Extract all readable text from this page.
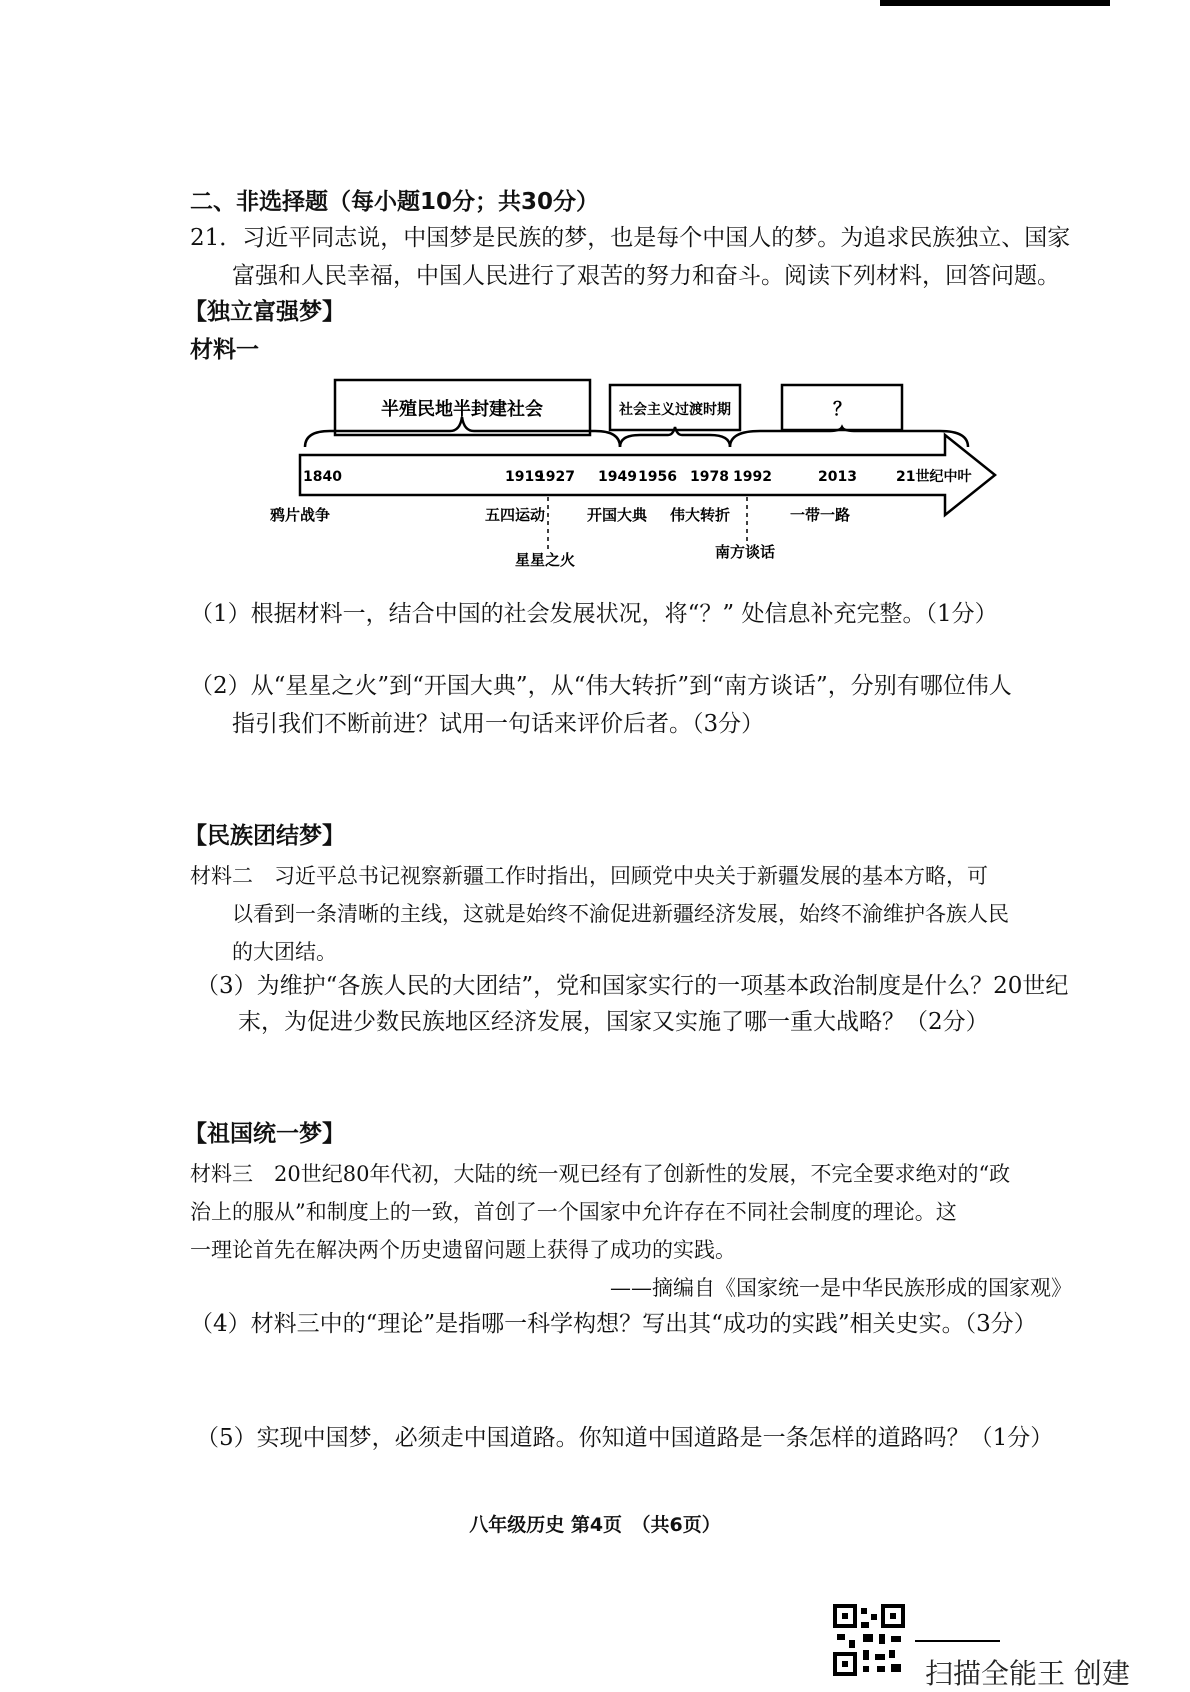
二、非选择题（每小题10分；共30分）
21．习近平同志说，中国梦是民族的梦，也是每个中国人的梦。为追求民族独立、国家
富强和人民幸福，中国人民进行了艰苦的努力和奋斗。阅读下列材料，回答问题。
【独立富强梦】
材料一
半殖民地半封建社会	社会主义过渡时期	？
1840	1919
1927 1949 1956 1978 1992	2013	21世纪中叶
鸦片战争	五四运动	开国大典 伟大转折	一带一路
星星之火	南方谈话
（1）根据材料一，结合中国的社会发展状况，将“？” 处信息补充完整。（1分）
（2）从“星星之火”到“开国大典”，从“伟大转折”到“南方谈话”，分别有哪位伟人
指引我们不断前进？试用一句话来评价后者。（3分）
【民族团结梦】
材料二　习近平总书记视察新疆工作时指出，回顾党中央关于新疆发展的基本方略，可
以看到一条清晰的主线，这就是始终不渝促进新疆经济发展，始终不渝维护各族人民
的大团结。
（3）为维护“各族人民的大团结”，党和国家实行的一项基本政治制度是什么？20世纪
末，为促进少数民族地区经济发展，国家又实施了哪一重大战略？（2分）
【祖国统一梦】
材料三　20世纪80年代初，大陆的统一观已经有了创新性的发展，不完全要求绝对的“政
治上的服从”和制度上的一致，首创了一个国家中允许存在不同社会制度的理论。这
一理论首先在解决两个历史遗留问题上获得了成功的实践。
——摘编自《国家统一是中华民族形成的国家观》
（4）材料三中的“理论”是指哪一科学构想？写出其“成功的实践”相关史实。（3分）
（5）实现中国梦，必须走中国道路。你知道中国道路是一条怎样的道路吗？（1分）
八年级历史 第4页　（共6页）
扫描全能王 创建
